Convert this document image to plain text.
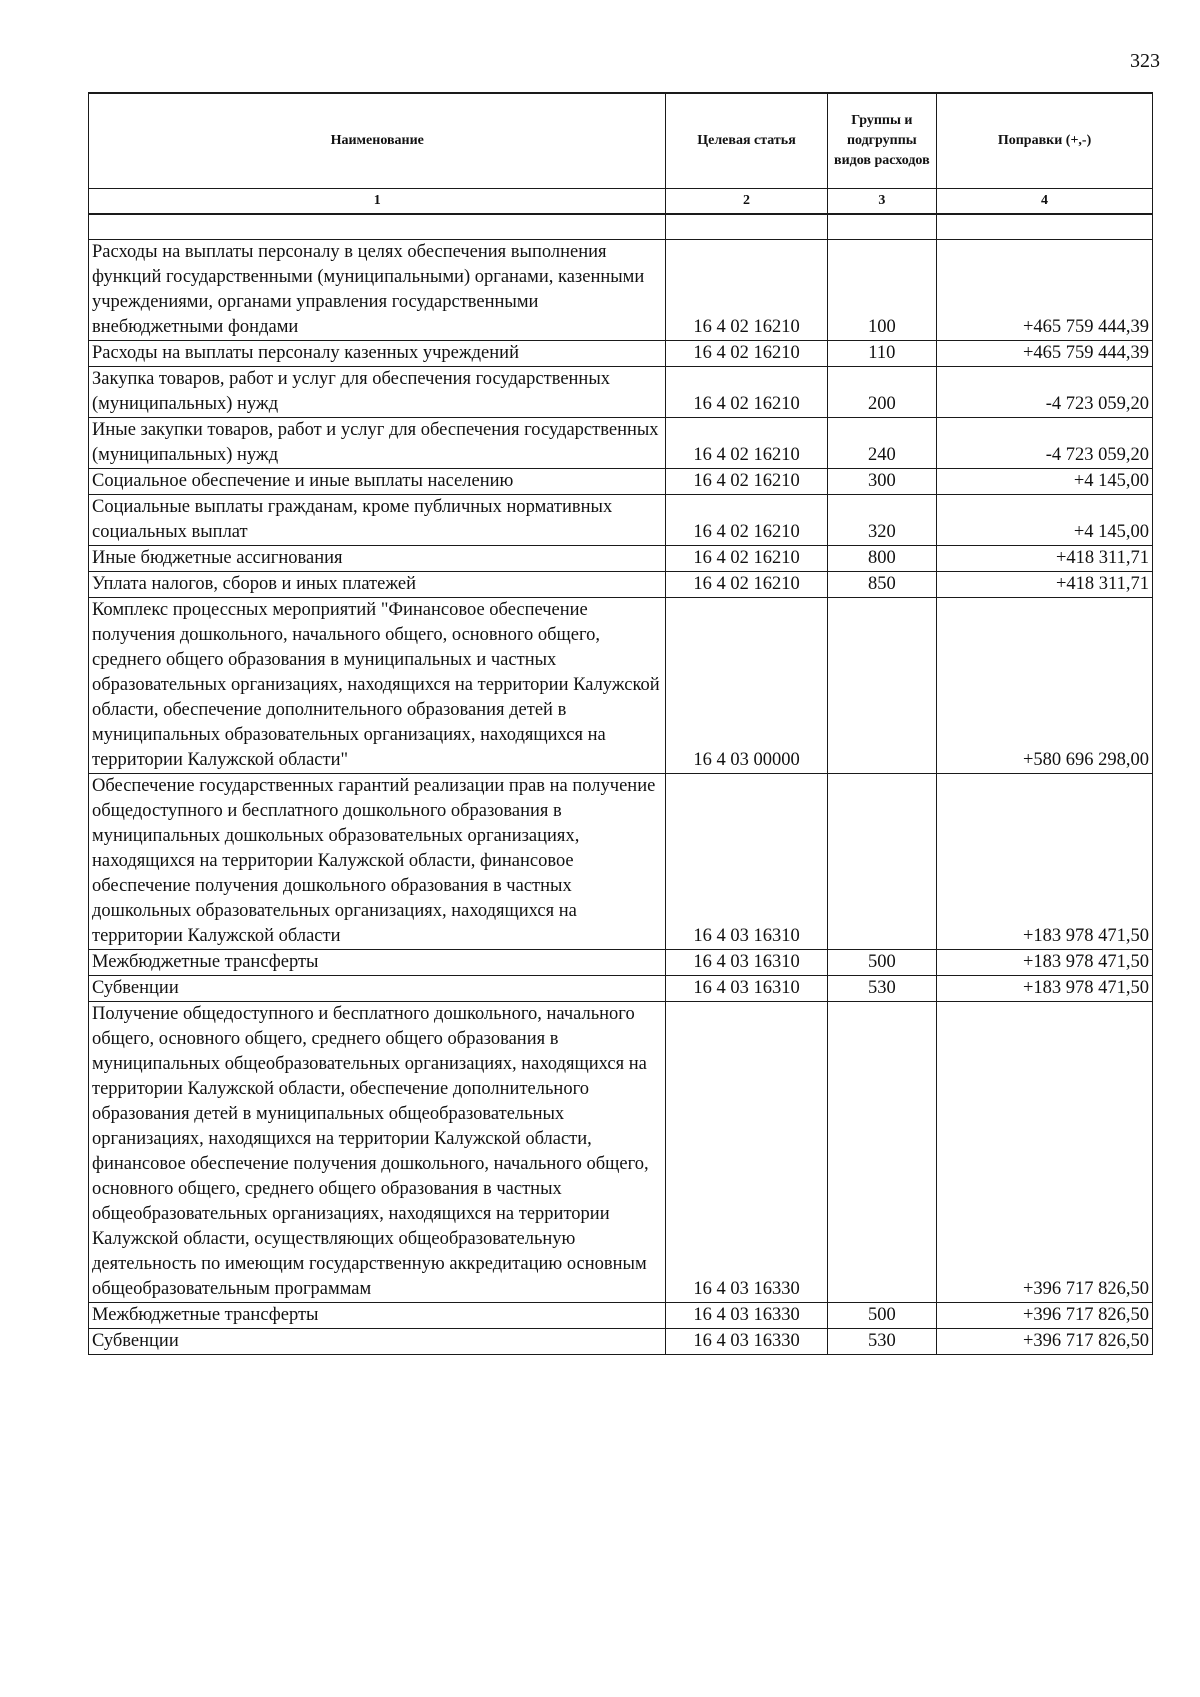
323
Наименование	Целевая статья	Группы и подгруппы видов расходов	Поправки (+,-)
1	2	3	4

Расходы на выплаты персоналу в целях обеспечения выполнения функций государственными (муниципальными) органами, казенными учреждениями, органами управления государственными внебюджетными фондами	16 4 02 16210	100	+465 759 444,39
Расходы на выплаты персоналу казенных учреждений	16 4 02 16210	110	+465 759 444,39
Закупка товаров, работ и услуг для обеспечения государственных (муниципальных) нужд	16 4 02 16210	200	-4 723 059,20
Иные закупки товаров, работ и услуг для обеспечения государственных (муниципальных) нужд	16 4 02 16210	240	-4 723 059,20
Социальное обеспечение и иные выплаты населению	16 4 02 16210	300	+4 145,00
Социальные выплаты гражданам, кроме публичных нормативных социальных выплат	16 4 02 16210	320	+4 145,00
Иные бюджетные ассигнования	16 4 02 16210	800	+418 311,71
Уплата налогов, сборов и иных платежей	16 4 02 16210	850	+418 311,71
Комплекс процессных мероприятий "Финансовое обеспечение получения дошкольного, начального общего, основного общего, среднего общего образования в муниципальных и частных образовательных организациях, находящихся на территории Калужской области, обеспечение дополнительного образования детей в муниципальных образовательных организациях, находящихся на территории Калужской области"	16 4 03 00000		+580 696 298,00
Обеспечение государственных гарантий реализации прав на получение общедоступного и бесплатного дошкольного образования в муниципальных дошкольных образовательных организациях, находящихся на территории Калужской области, финансовое обеспечение получения дошкольного образования в частных дошкольных образовательных организациях, находящихся на территории Калужской области	16 4 03 16310		+183 978 471,50
Межбюджетные трансферты	16 4 03 16310	500	+183 978 471,50
Субвенции	16 4 03 16310	530	+183 978 471,50
Получение общедоступного и бесплатного дошкольного, начального общего, основного общего, среднего общего образования в муниципальных общеобразовательных организациях, находящихся на территории Калужской области, обеспечение дополнительного образования детей в муниципальных общеобразовательных организациях, находящихся на территории Калужской области, финансовое обеспечение получения дошкольного, начального общего, основного общего, среднего общего образования в частных общеобразовательных организациях, находящихся на территории Калужской области, осуществляющих общеобразовательную деятельность по имеющим государственную аккредитацию основным общеобразовательным программам	16 4 03 16330		+396 717 826,50
Межбюджетные трансферты	16 4 03 16330	500	+396 717 826,50
Субвенции	16 4 03 16330	530	+396 717 826,50
